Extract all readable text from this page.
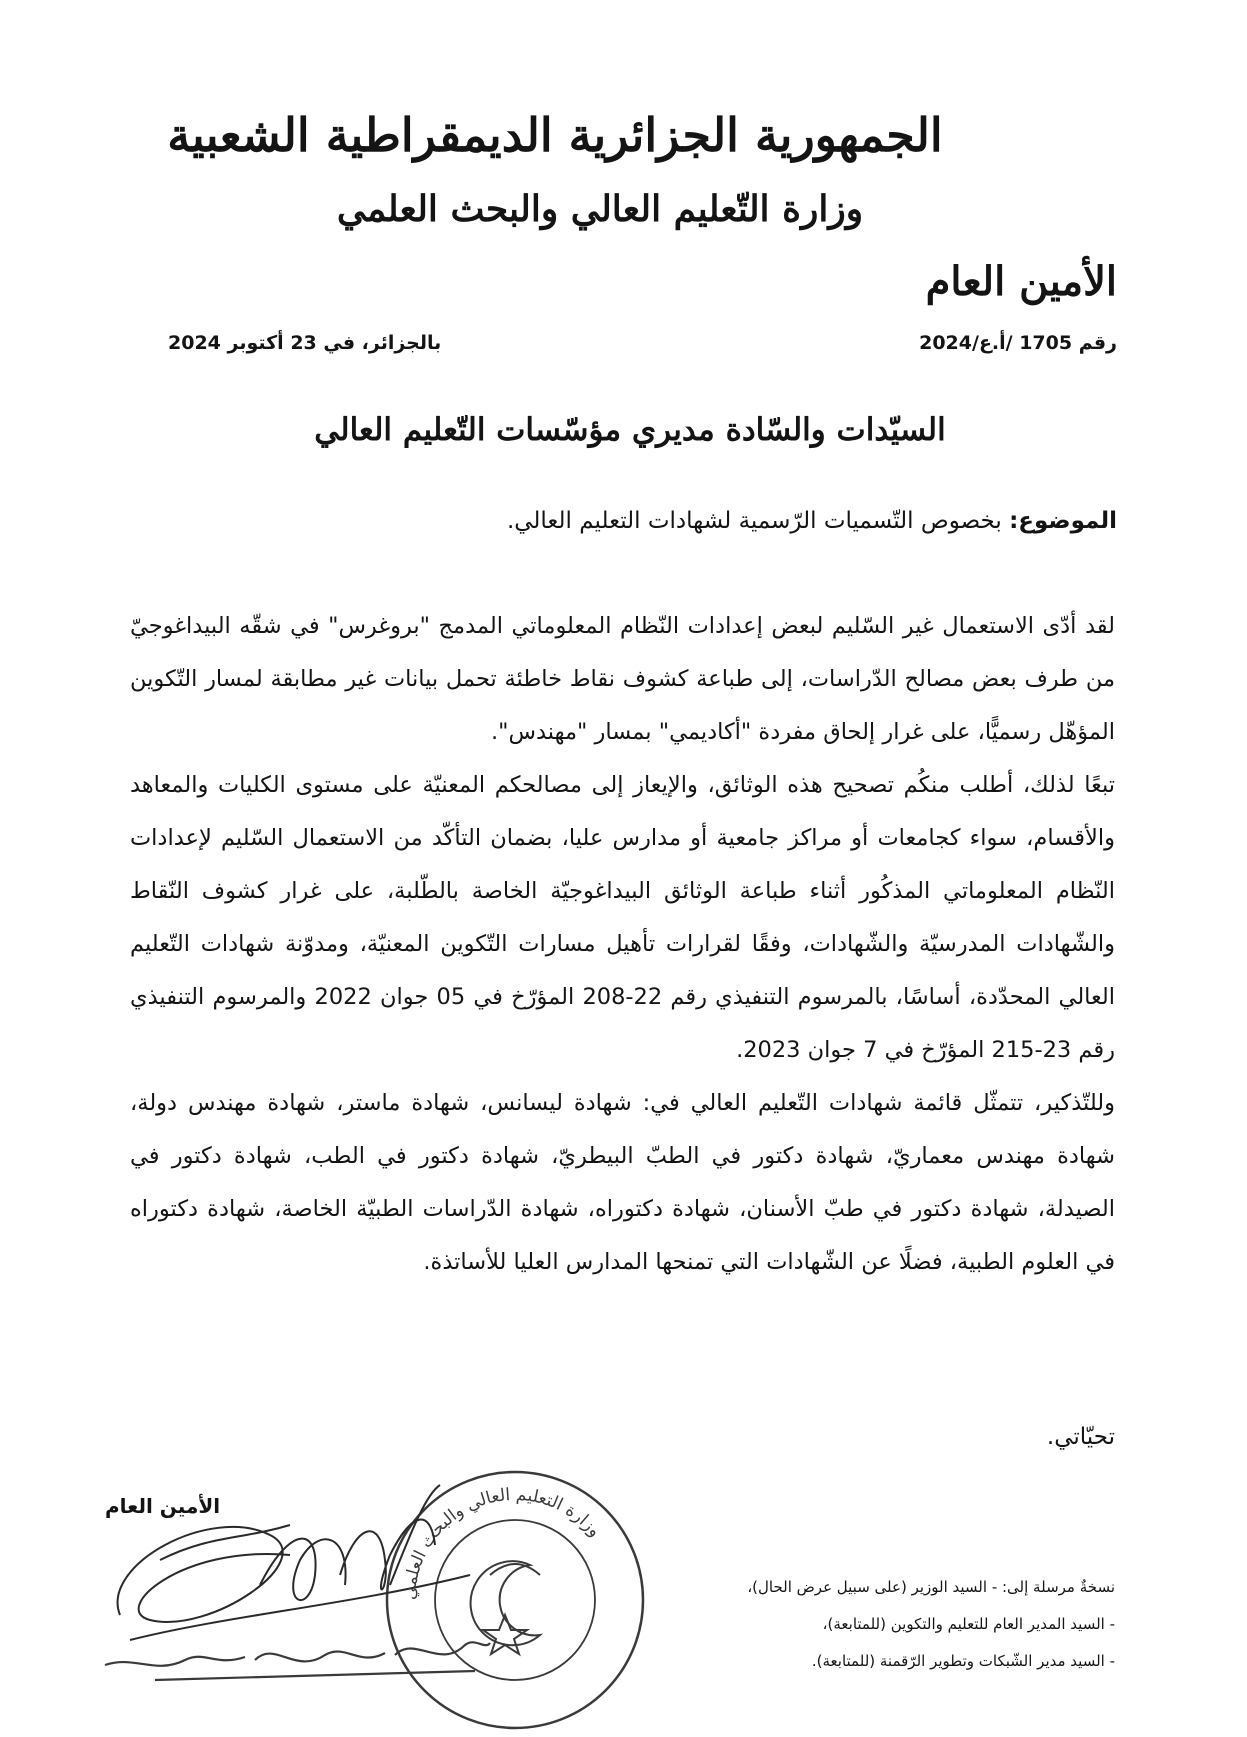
الجمهورية الجزائرية الديمقراطية الشعبية
وزارة التّعليم العالي والبحث العلمي
الأمين العام
رقم 1705 /أ.ع/2024
بالجزائر، في 23 أكتوبر 2024
السيّدات والسّادة مديري مؤسّسات التّعليم العالي
الموضوع: بخصوص التّسميات الرّسمية لشهادات التعليم العالي.

لقد أدّى الاستعمال غير السّليم لبعض إعدادات النّظام المعلوماتي المدمج "بروغرس" في شقّه البيداغوجيّ من طرف بعض مصالح الدّراسات، إلى طباعة كشوف نقاط خاطئة تحمل بيانات غير مطابقة لمسار التّكوين المؤهّل رسميًّا، على غرار إلحاق مفردة "أكاديمي" بمسار "مهندس".

تبعًا لذلك، أطلب منكُم تصحيح هذه الوثائق، والإيعاز إلى مصالحكم المعنيّة على مستوى الكليات والمعاهد والأقسام، سواء كجامعات أو مراكز جامعية أو مدارس عليا، بضمان التأكّد من الاستعمال السّليم لإعدادات النّظام المعلوماتي المذكُور أثناء طباعة الوثائق البيداغوجيّة الخاصة بالطّلبة، على غرار كشوف النّقاط والشّهادات المدرسيّة والشّهادات، وفقًا لقرارات تأهيل مسارات التّكوين المعنيّة، ومدوّنة شهادات التّعليم العالي المحدّدة، أساسًا، بالمرسوم التنفيذي رقم 22-208 المؤرّخ في 05 جوان 2022 والمرسوم التنفيذي رقم 23-215 المؤرّخ في 7 جوان 2023.

وللتّذكير، تتمثّل قائمة شهادات التّعليم العالي في: شهادة ليسانس، شهادة ماستر، شهادة مهندس دولة، شهادة مهندس معماريّ، شهادة دكتور في الطبّ البيطريّ، شهادة دكتور في الطب، شهادة دكتور في الصيدلة، شهادة دكتور في طبّ الأسنان، شهادة دكتوراه، شهادة الدّراسات الطبيّة الخاصة، شهادة دكتوراه في العلوم الطبية، فضلًا عن الشّهادات التي تمنحها المدارس العليا للأساتذة.

تحيّاتي.
الأمين العام
وزارة التعليم العالي والبحث العلمي
نسخةٌ مرسلة إلى: - السيد الوزير (على سبيل عرض الحال)،
- السيد المدير العام للتعليم والتكوين (للمتابعة)،
- السيد مدير الشّبكات وتطوير الرّقمنة (للمتابعة).
